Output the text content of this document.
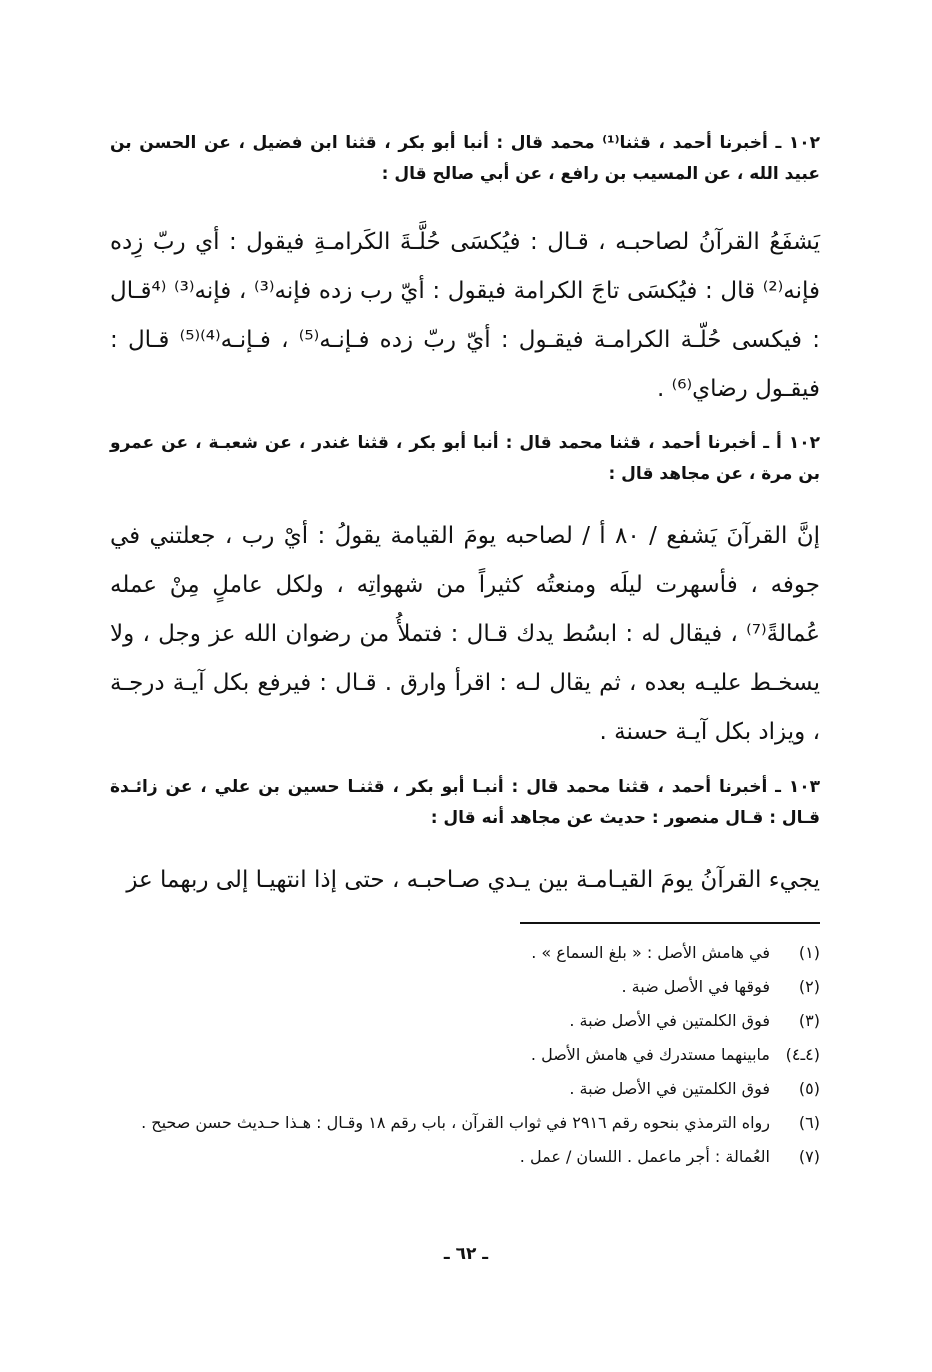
١٠٢ ـ أخبرنا أحمد ، قثنا⁽¹⁾ محمد قال : أنبا أبو بكر ، قثنا ابن فضيل ، عن الحسن بن عبيد الله ، عن المسيب بن رافع ، عن أبي صالح قال :

يَشفَعُ القرآنُ لصاحبـه ، قـال : فيُكسَى حُلَّـةَ الكَرامـةِ فيقول : أي ربّ زِده فإنه⁽²⁾ قال : فيُكسَى تاجَ الكرامة فيقول : أيّ رب زده فإنه⁽³⁾ ، فإنه⁽³⁾ ⁽⁴قـال : فيكسى حُلّـة الكرامـة فيقـول : أيّ ربّ زده فـإنـه⁽⁵⁾ ، فـإنـه⁽⁴⁾⁽⁵⁾ قـال : فيقـول رضاي⁽⁶⁾ .

١٠٢ أ ـ أخبرنا أحمد ، قثنا محمد قال : أنبا أبو بكر ، قثنا غندر ، عن شعبـة ، عن عمرو بن مرة ، عن مجاهد قال :

إنَّ القرآنَ يَشفع / ٨٠ أ / لصاحبه يومَ القيامة يقولُ : أيْ رب ، جعلتني في جوفه ، فأسهرت ليلَه ومنعتُه كثيراً من شهواتِه ، ولكل عاملٍ مِنْ عمله عُمالةً⁽⁷⁾ ، فيقال له : ابسُط يدك قـال : فتملأُ من رضوان الله عز وجل ، ولا يسخـط عليـه بعده ، ثم يقال لـه : اقرأ وارق . قـال : فيرفع بكل آيـة درجـة ، ويزاد بكل آيـة حسنة .

١٠٣ ـ أخبرنا أحمد ، قثنا محمد قال : أنبـا أبو بكر ، قثنـا حسين بن علي ، عن زائـدة قـال : قـال منصور : حديث عن مجاهد أنه قال :

يجيء القرآنُ يومَ القيـامـة بين يـدي صـاحبـه ، حتى إذا انتهيـا إلى ربهما عز

(١)
في هامش الأصل : « بلغ السماع » .
(٢)
فوقها في الأصل ضبة .
(٣)
فوق الكلمتين في الأصل ضبة .
(٤ـ٤)
مابينهما مستدرك في هامش الأصل .
(٥)
فوق الكلمتين في الأصل ضبة .
(٦)
رواه الترمذي بنحوه رقم ٢٩١٦ في ثواب القرآن ، باب رقم ١٨ وقـال : هـذا حـديث حسن صحيح .
(٧)
العُمالة : أجر ماعمل . اللسان / عمل .
ـ ٦٢ ـ
